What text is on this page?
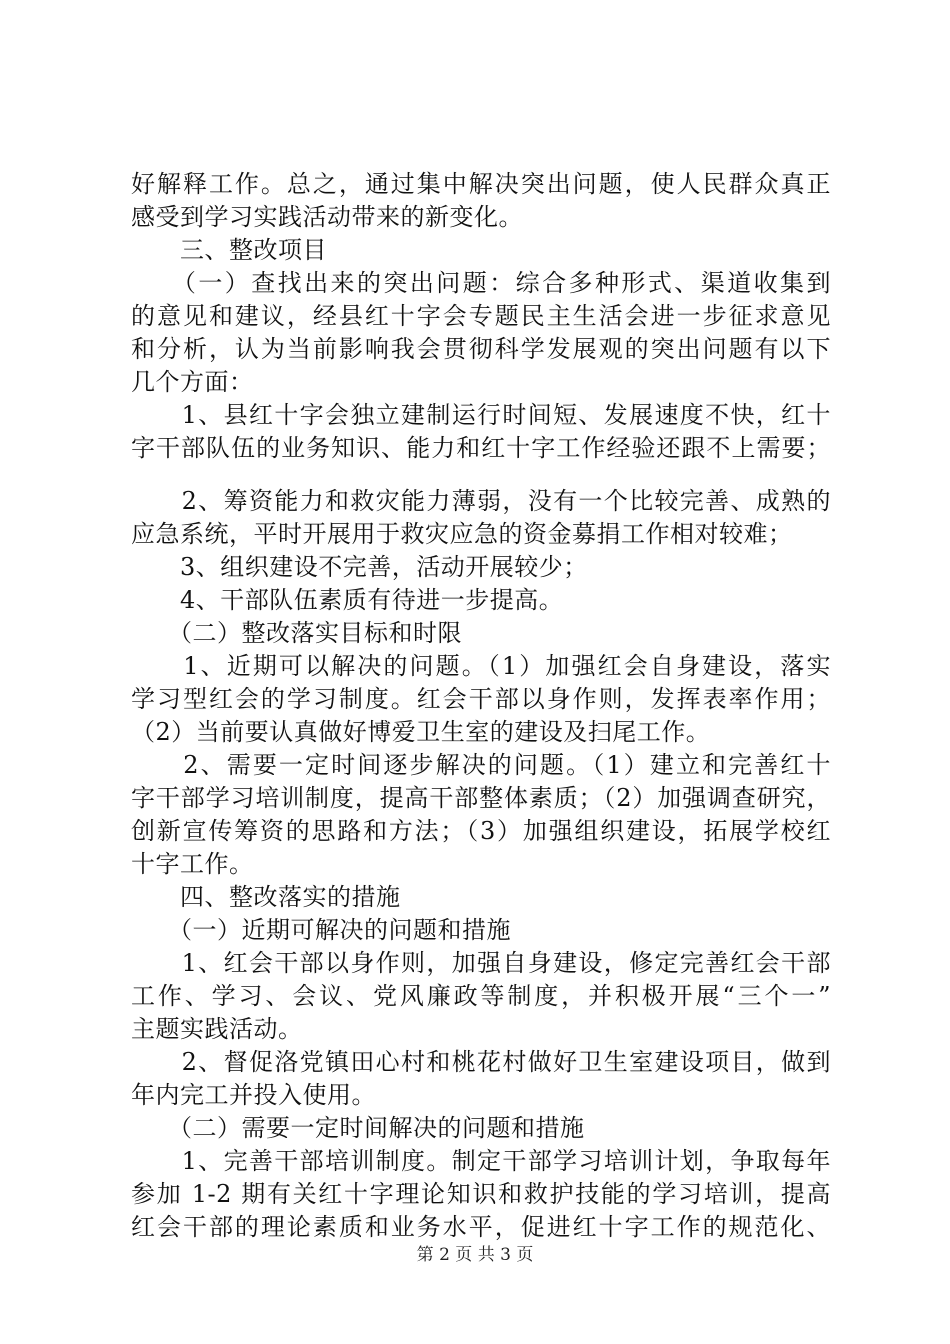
好解释工作。总之，通过集中解决突出问题，使人民群众真正
感受到学习实践活动带来的新变化。
　　三、整改项目
　　（一）查找出来的突出问题：综合多种形式、渠道收集到
的意见和建议，经县红十字会专题民主生活会进一步征求意见
和分析，认为当前影响我会贯彻科学发展观的突出问题有以下
几个方面：
　　1、县红十字会独立建制运行时间短、发展速度不快，红十
字干部队伍的业务知识、能力和红十字工作经验还跟不上需要；
　　2、筹资能力和救灾能力薄弱，没有一个比较完善、成熟的
应急系统，平时开展用于救灾应急的资金募捐工作相对较难；
　　3、组织建设不完善，活动开展较少；
　　4、干部队伍素质有待进一步提高。
　　（二）整改落实目标和时限
　　1、近期可以解决的问题。（1）加强红会自身建设，落实
学习型红会的学习制度。红会干部以身作则，发挥表率作用；
（2）当前要认真做好博爱卫生室的建设及扫尾工作。
　　2、需要一定时间逐步解决的问题。（1）建立和完善红十
字干部学习培训制度，提高干部整体素质；（2）加强调查研究，
创新宣传筹资的思路和方法；（3）加强组织建设，拓展学校红
十字工作。
　　四、整改落实的措施
　　（一）近期可解决的问题和措施
　　1、红会干部以身作则，加强自身建设，修定完善红会干部
工作、学习、会议、党风廉政等制度，并积极开展“三个一”
主题实践活动。
　　2、督促洛党镇田心村和桃花村做好卫生室建设项目，做到
年内完工并投入使用。
　　（二）需要一定时间解决的问题和措施
　　1、完善干部培训制度。制定干部学习培训计划，争取每年
参加 1-2 期有关红十字理论知识和救护技能的学习培训，提高
红会干部的理论素质和业务水平，促进红十字工作的规范化、
第 2 页 共 3 页
